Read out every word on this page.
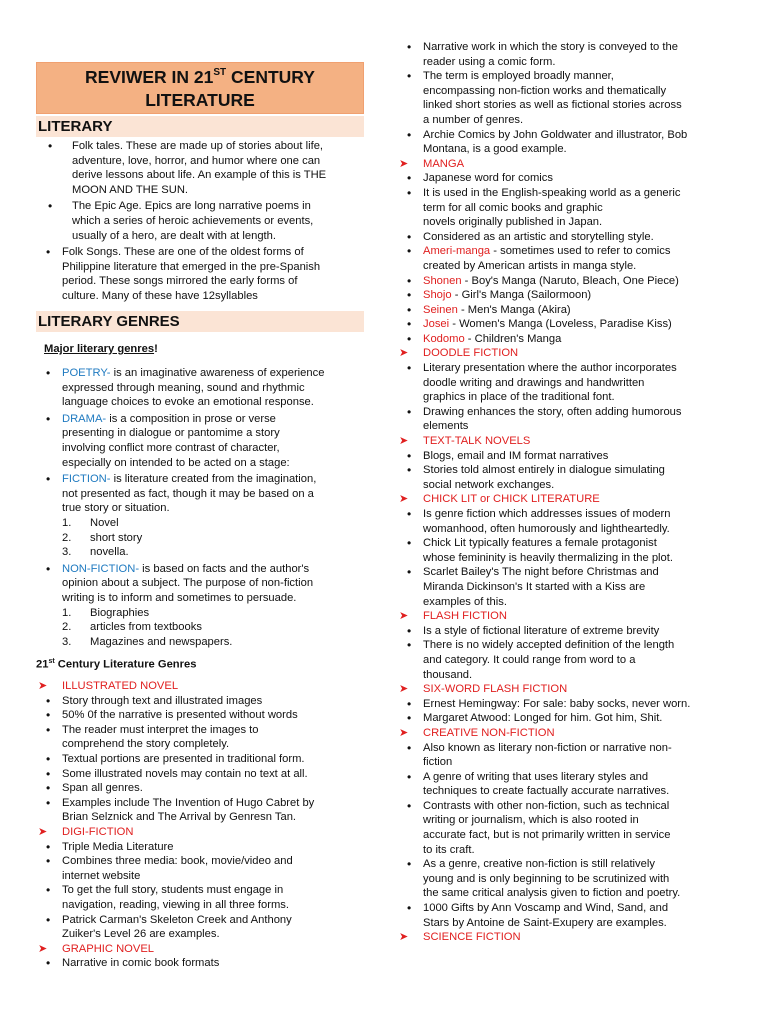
REVIWER IN 21ST CENTURY
LITERATURE
LITERARY
• Folk tales. These are made up of stories about life,
adventure, love, horror, and humor where one can
derive lessons about life. An example of this is THE
MOON AND THE SUN.
• The Epic Age. Epics are long narrative poems in
which a series of heroic achievements or events,
usually of a hero, are dealt with at length.
• Folk Songs. These are one of the oldest forms of
Philippine literature that emerged in the pre-Spanish
period. These songs mirrored the early forms of
culture. Many of these have 12syllables
LITERARY GENRES
Major literary genres!
• POETRY- is an imaginative awareness of experience
expressed through meaning, sound and rhythmic
language choices to evoke an emotional response.
• DRAMA- is a composition in prose or verse
presenting in dialogue or pantomime a story
involving conflict more contrast of character,
especially on intended to be acted on a stage:
• FICTION- is literature created from the imagination,
not presented as fact, though it may be based on a
true story or situation.
1. Novel
2. short story
3. novella.
• NON-FICTION- is based on facts and the author's
opinion about a subject. The purpose of non-fiction
writing is to inform and sometimes to persuade.
1. Biographies
2. articles from textbooks
3. Magazines and newspapers.
21st Century Literature Genres
➤ ILLUSTRATED NOVEL
• Story through text and illustrated images
• 50% 0f the narrative is presented without words
• The reader must interpret the images to
comprehend the story completely.
• Textual portions are presented in traditional form.
• Some illustrated novels may contain no text at all.
• Span all genres.
• Examples include The Invention of Hugo Cabret by
Brian Selznick and The Arrival by Genresn Tan.
➤ DIGI-FICTION
• Triple Media Literature
• Combines three media: book, movie/video and
internet website
• To get the full story, students must engage in
navigation, reading, viewing in all three forms.
• Patrick Carman's Skeleton Creek and Anthony
Zuiker's Level 26 are examples.
➤ GRAPHIC NOVEL
• Narrative in comic book formats
• Narrative work in which the story is conveyed to the
reader using a comic form.
• The term is employed broadly manner,
encompassing non-fiction works and thematically
linked short stories as well as fictional stories across
a number of genres.
• Archie Comics by John Goldwater and illustrator, Bob
Montana, is a good example.
➤ MANGA
• Japanese word for comics
• It is used in the English-speaking world as a generic
term for all comic books and graphic
novels originally published in Japan.
• Considered as an artistic and storytelling style.
• Ameri-manga - sometimes used to refer to comics
created by American artists in manga style.
• Shonen - Boy's Manga (Naruto, Bleach, One Piece)
• Shojo - Girl's Manga (Sailormoon)
• Seinen - Men's Manga (Akira)
• Josei - Women's Manga (Loveless, Paradise Kiss)
• Kodomo - Children's Manga
➤ DOODLE FICTION
• Literary presentation where the author incorporates
doodle writing and drawings and handwritten
graphics in place of the traditional font.
• Drawing enhances the story, often adding humorous
elements
➤ TEXT-TALK NOVELS
• Blogs, email and IM format narratives
• Stories told almost entirely in dialogue simulating
social network exchanges.
➤ CHICK LIT or CHICK LITERATURE
• Is genre fiction which addresses issues of modern
womanhood, often humorously and lightheartedly.
• Chick Lit typically features a female protagonist
whose femininity is heavily thermalizing in the plot.
• Scarlet Bailey's The night before Christmas and
Miranda Dickinson's It started with a Kiss are
examples of this.
➤ FLASH FICTION
• Is a style of fictional literature of extreme brevity
• There is no widely accepted definition of the length
and category. It could range from word to a
thousand.
➤ SIX-WORD FLASH FICTION
• Ernest Hemingway: For sale: baby socks, never worn.
• Margaret Atwood: Longed for him. Got him, Shit.
➤ CREATIVE NON-FICTION
• Also known as literary non-fiction or narrative non-
fiction
• A genre of writing that uses literary styles and
techniques to create factually accurate narratives.
• Contrasts with other non-fiction, such as technical
writing or journalism, which is also rooted in
accurate fact, but is not primarily written in service
to its craft.
• As a genre, creative non-fiction is still relatively
young and is only beginning to be scrutinized with
the same critical analysis given to fiction and poetry.
• 1000 Gifts by Ann Voscamp and Wind, Sand, and
Stars by Antoine de Saint-Exupery are examples.
➤ SCIENCE FICTION
